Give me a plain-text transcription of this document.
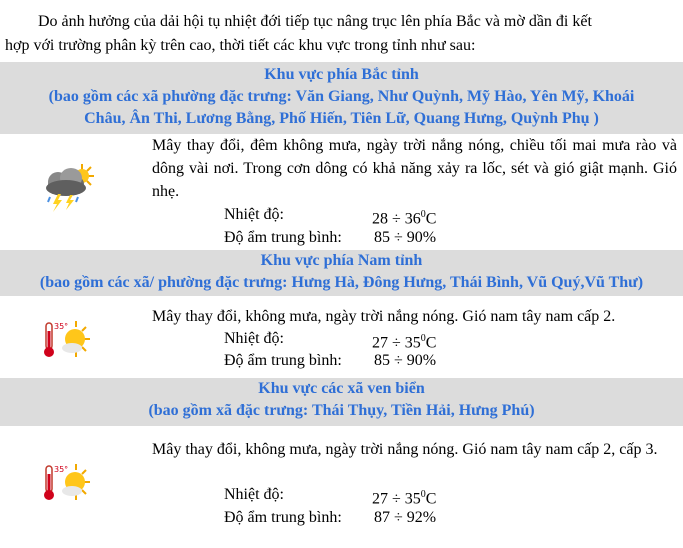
Do ảnh hưởng của dải hội tụ nhiệt đới tiếp tục nâng trục lên phía Bắc và mờ dần đi kết
hợp với trường phân kỳ trên cao, thời tiết các khu vực trong tỉnh như sau:
Khu vực phía Bắc tỉnh
(bao gồm các xã phường đặc trưng: Văn Giang, Như Quỳnh, Mỹ Hào, Yên Mỹ, Khoái
Châu, Ân Thi, Lương Bằng, Phố Hiến, Tiên Lữ, Quang Hưng, Quỳnh Phụ )
Mây thay đổi, đêm không mưa, ngày trời nắng nóng, chiều tối mai mưa rào và dông vài nơi. Trong cơn dông có khả năng xảy ra lốc, sét và gió giật mạnh. Gió nhẹ.
Nhiệt độ:	$28 \div 36^0C$
Độ ẩm trung bình: 85 ÷ 90%
Khu vực phía Nam tỉnh
(bao gồm các xã/ phường đặc trưng: Hưng Hà, Đông Hưng, Thái Bình, Vũ Quý,Vũ Thư)
35°
Mây thay đổi, không mưa, ngày trời nắng nóng. Gió nam tây nam cấp 2.
Nhiệt độ:	$27 \div 35^0C$
Độ ẩm trung bình: 85 ÷ 90%
Khu vực các xã ven biển
(bao gồm xã đặc trưng: Thái Thụy, Tiền Hải, Hưng Phú)
35°
Mây thay đổi, không mưa, ngày trời nắng nóng. Gió nam tây nam cấp 2, cấp 3.
Nhiệt độ:	$27 \div 35^0C$
Độ ẩm trung bình: 87 ÷ 92%
